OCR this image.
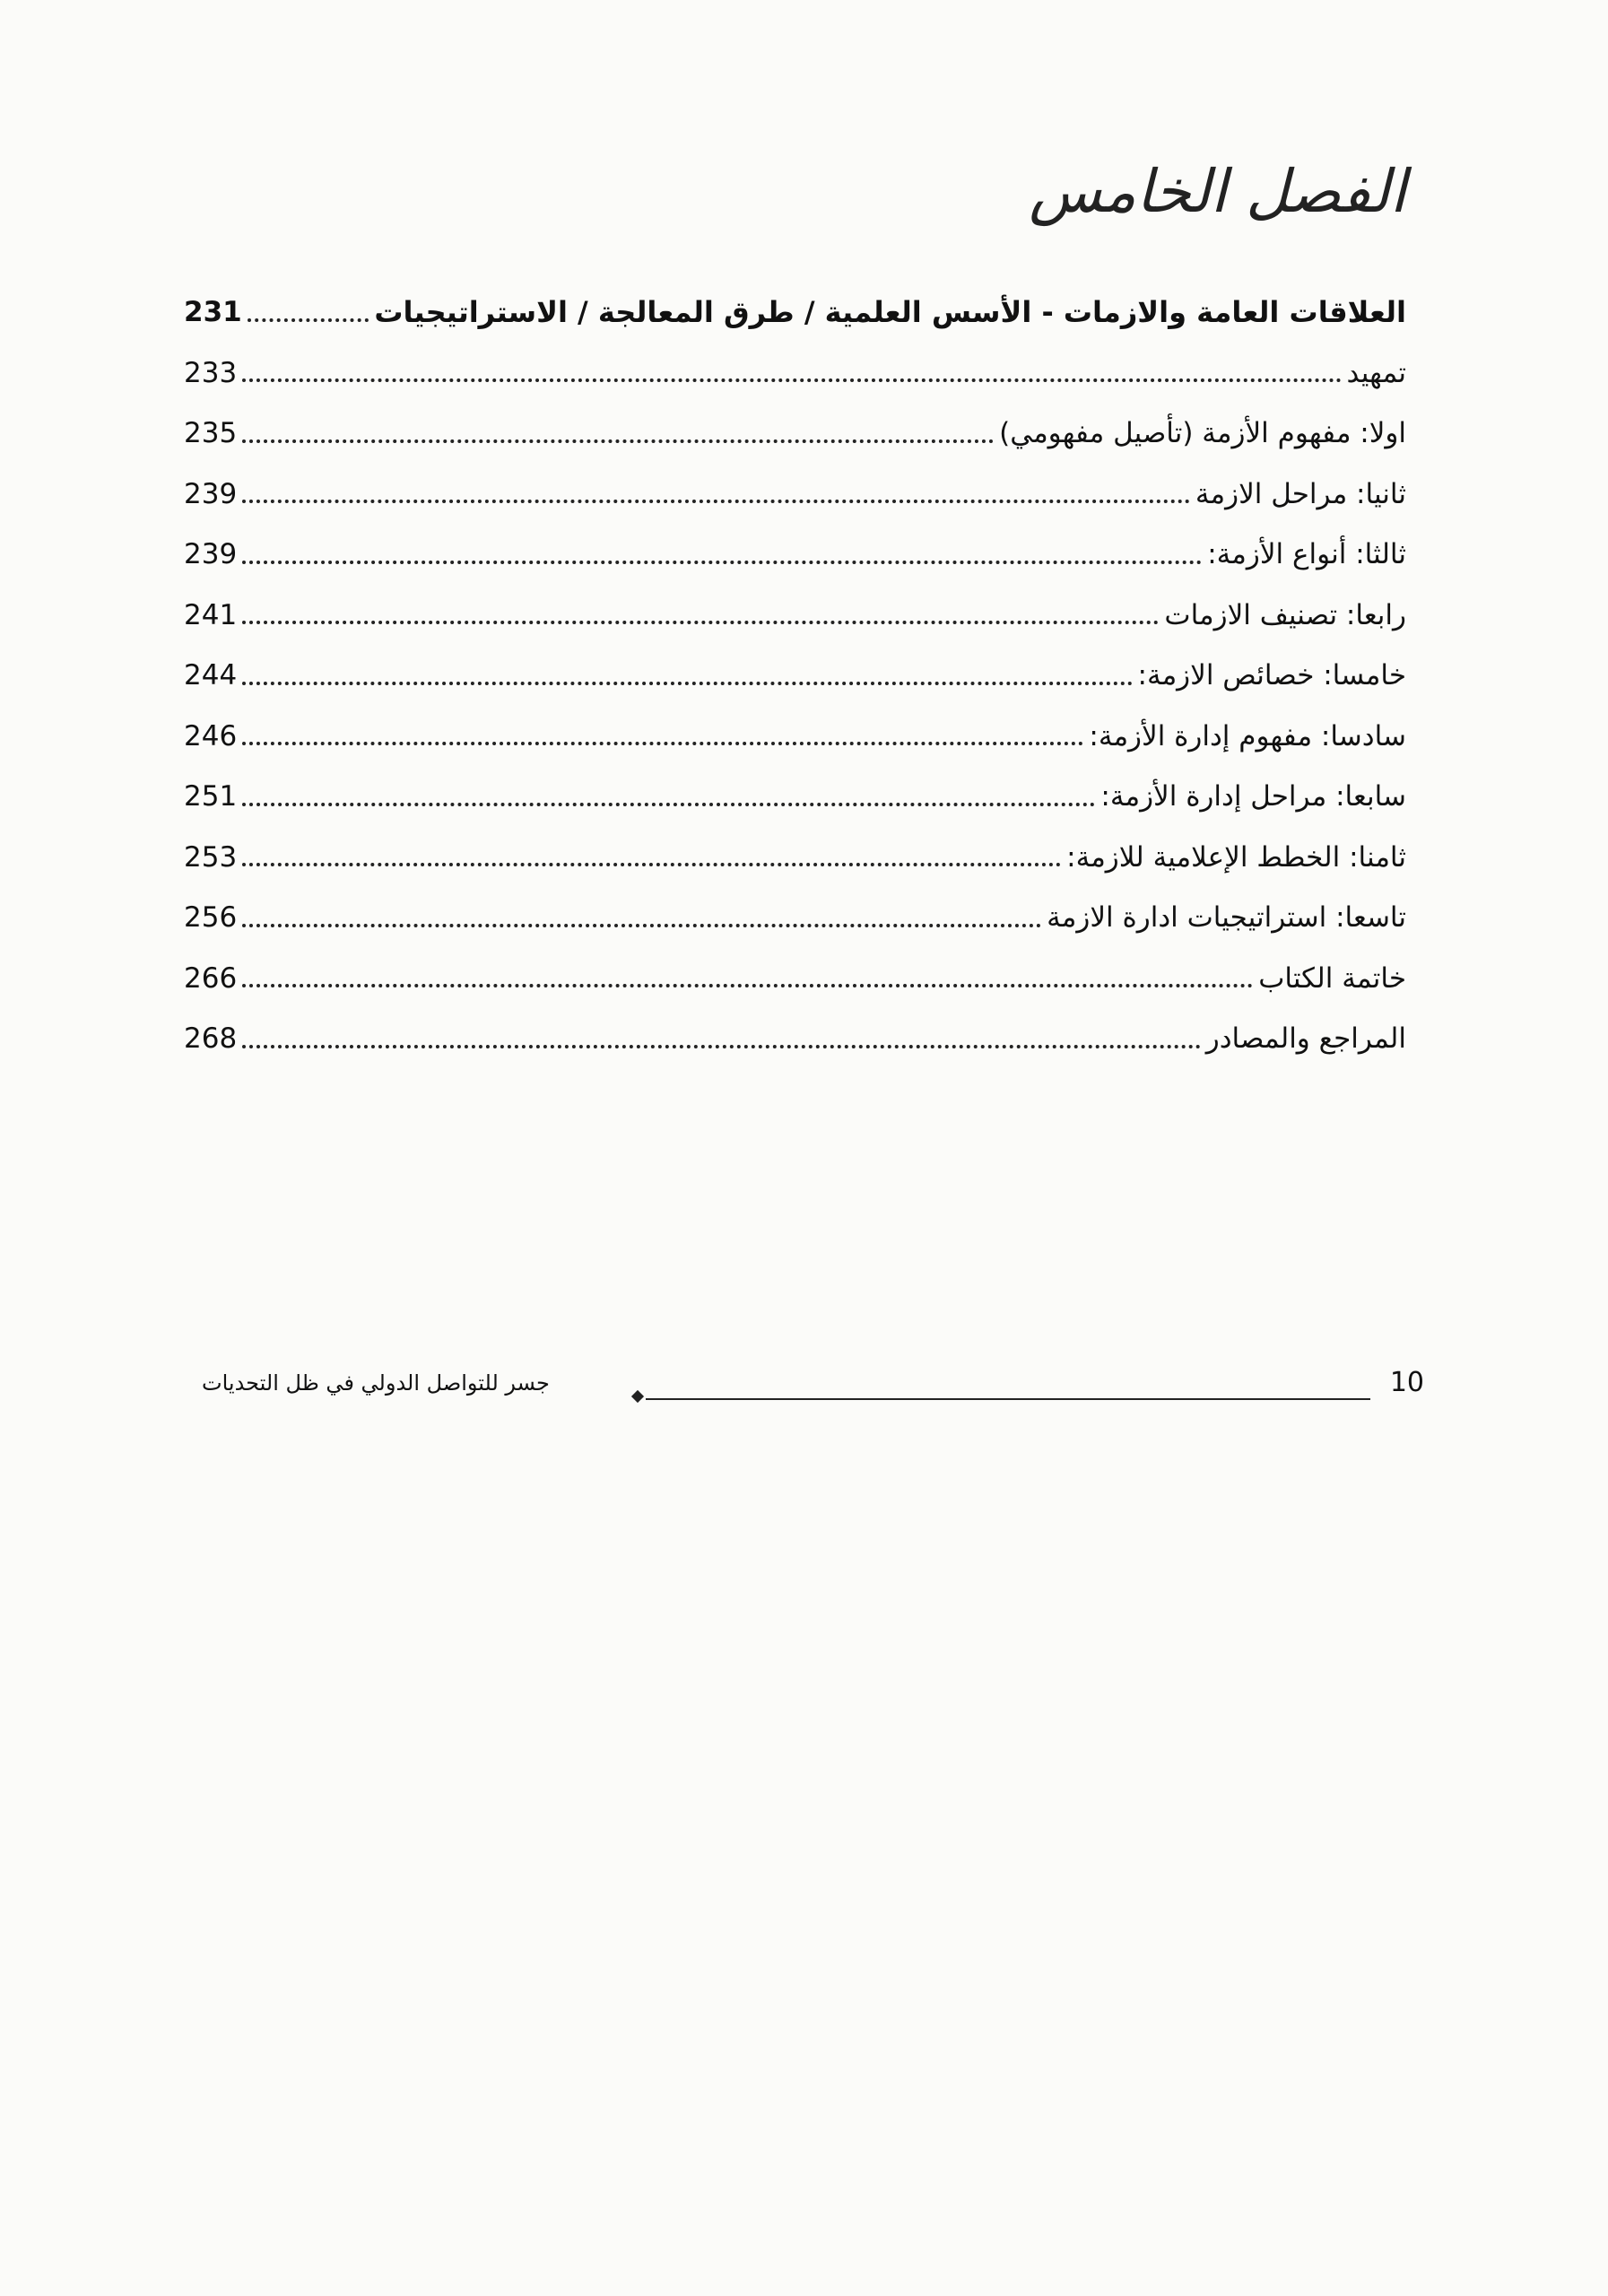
الفصل الخامس
العلاقات العامة والازمات - الأسس العلمية / طرق المعالجة / الاستراتيجيات
231
تمهيد
233
اولا: مفهوم الأزمة (تأصيل مفهومي)
235
ثانيا: مراحل الازمة
239
ثالثا: أنواع الأزمة:
239
رابعا: تصنيف الازمات
241
خامسا: خصائص الازمة:
244
سادسا: مفهوم إدارة الأزمة:
246
سابعا: مراحل إدارة الأزمة:
251
ثامنا: الخطط الإعلامية للازمة:
253
تاسعا: استراتيجيات ادارة الازمة
256
خاتمة الكتاب
266
المراجع والمصادر
268
جسر للتواصل الدولي في ظل التحديات	10
